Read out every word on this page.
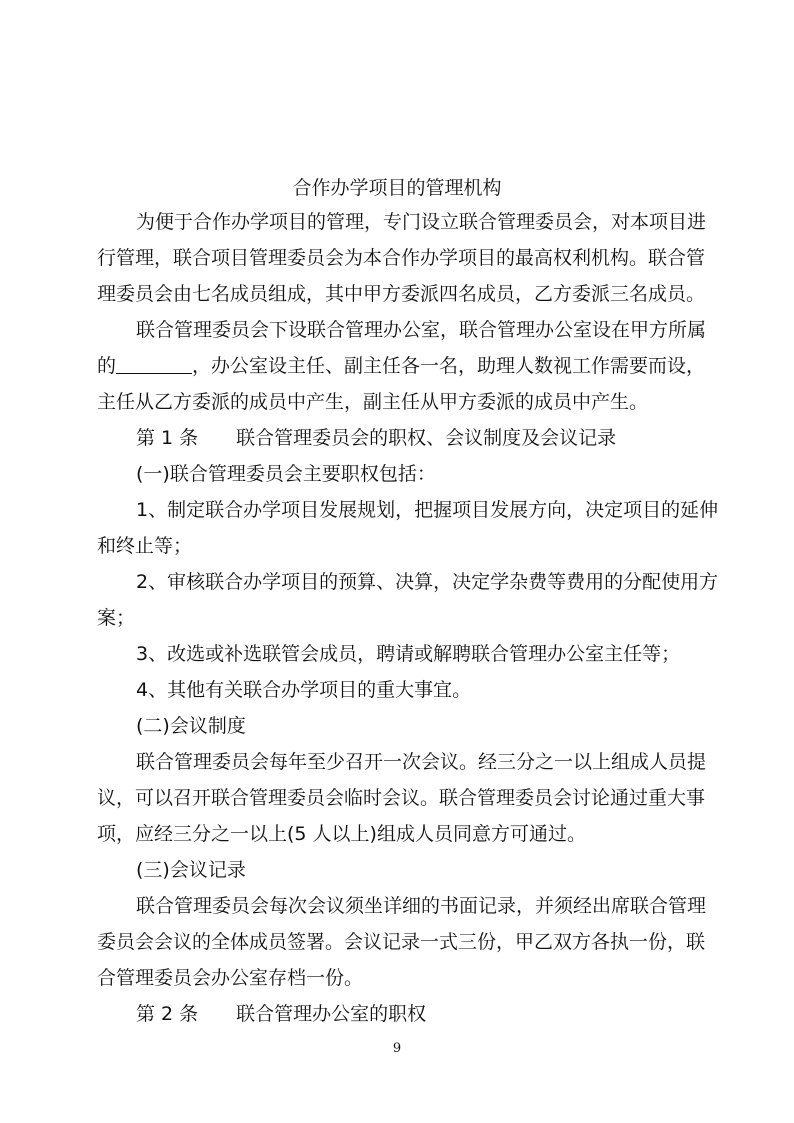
合作办学项目的管理机构
为便于合作办学项目的管理，专门设立联合管理委员会，对本项目进
行管理，联合项目管理委员会为本合作办学项目的最高权利机构。联合管
理委员会由七名成员组成，其中甲方委派四名成员，乙方委派三名成员。
联合管理委员会下设联合管理办公室，联合管理办公室设在甲方所属
的	，办公室设主任、副主任各一名，助理人数视工作需要而设，
主任从乙方委派的成员中产生，副主任从甲方委派的成员中产生。
第 1 条 联合管理委员会的职权、会议制度及会议记录
(一)联合管理委员会主要职权包括：
1、制定联合办学项目发展规划，把握项目发展方向，决定项目的延伸
和终止等；
2、审核联合办学项目的预算、决算，决定学杂费等费用的分配使用方
案；
3、改选或补选联管会成员，聘请或解聘联合管理办公室主任等；
4、其他有关联合办学项目的重大事宜。
(二)会议制度
联合管理委员会每年至少召开一次会议。经三分之一以上组成人员提
议，可以召开联合管理委员会临时会议。联合管理委员会讨论通过重大事
项，应经三分之一以上(5 人以上)组成人员同意方可通过。
(三)会议记录
联合管理委员会每次会议须坐详细的书面记录，并须经出席联合管理
委员会会议的全体成员签署。会议记录一式三份，甲乙双方各执一份，联
合管理委员会办公室存档一份。
第 2 条 联合管理办公室的职权
9
